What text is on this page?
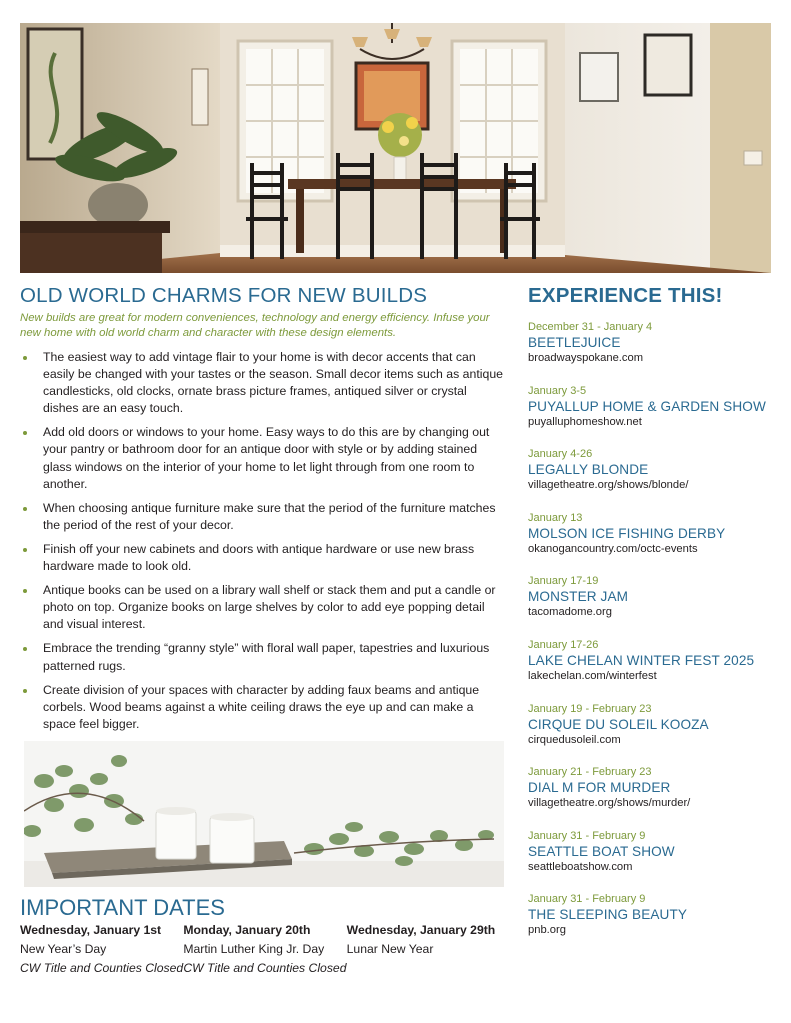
OLD WORLD CHARMS FOR NEW BUILDS

New builds are great for modern conveniences, technology and energy efficiency. Infuse your new home with old world charm and character with these design elements.

The easiest way to add vintage flair to your home is with decor accents that can easily be changed with your tastes or the season. Small decor items such as antique candlesticks, old clocks, ornate brass picture frames, antiqued silver or crystal dishes are an easy touch.
Add old doors or windows to your home. Easy ways to do this are by changing out your pantry or bathroom door for an antique door with style or by adding stained glass windows on the interior of your home to let light through from one room to another.
When choosing antique furniture make sure that the period of the furniture matches the period of the rest of your decor.
Finish off your new cabinets and doors with antique hardware or use new brass hardware made to look old.
Antique books can be used on a library wall shelf or stack them and put a candle or photo on top. Organize books on large shelves by color to add eye popping detail and visual interest.
Embrace the trending “granny style” with floral wall paper, tapestries and luxurious patterned rugs.
Create division of your spaces with character by adding faux beams and antique corbels. Wood beams against a white ceiling draws the eye up and can make a space feel bigger.
IMPORTANT DATES
Wednesday, January 1st
New Year’s Day
CW Title and Counties Closed
Monday, January 20th
Martin Luther King Jr. Day
CW Title and Counties Closed
Wednesday, January 29th
Lunar New Year
EXPERIENCE THIS!
December 31 - January 4
BEETLEJUICE
broadwayspokane.com
January 3-5
PUYALLUP HOME & GARDEN SHOW
puyalluphomeshow.net
January 4-26
LEGALLY BLONDE
villagetheatre.org/shows/blonde/
January 13
MOLSON ICE FISHING DERBY
okanogancountry.com/octc-events
January 17-19
MONSTER JAM
tacomadome.org
January 17-26
LAKE CHELAN WINTER FEST 2025
lakechelan.com/winterfest
January 19 - February 23
CIRQUE DU SOLEIL KOOZA
cirquedusoleil.com
January 21 - February 23
DIAL M FOR MURDER
villagetheatre.org/shows/murder/
January 31 - February 9
SEATTLE BOAT SHOW
seattleboatshow.com
January 31 - February 9
THE SLEEPING BEAUTY
pnb.org
